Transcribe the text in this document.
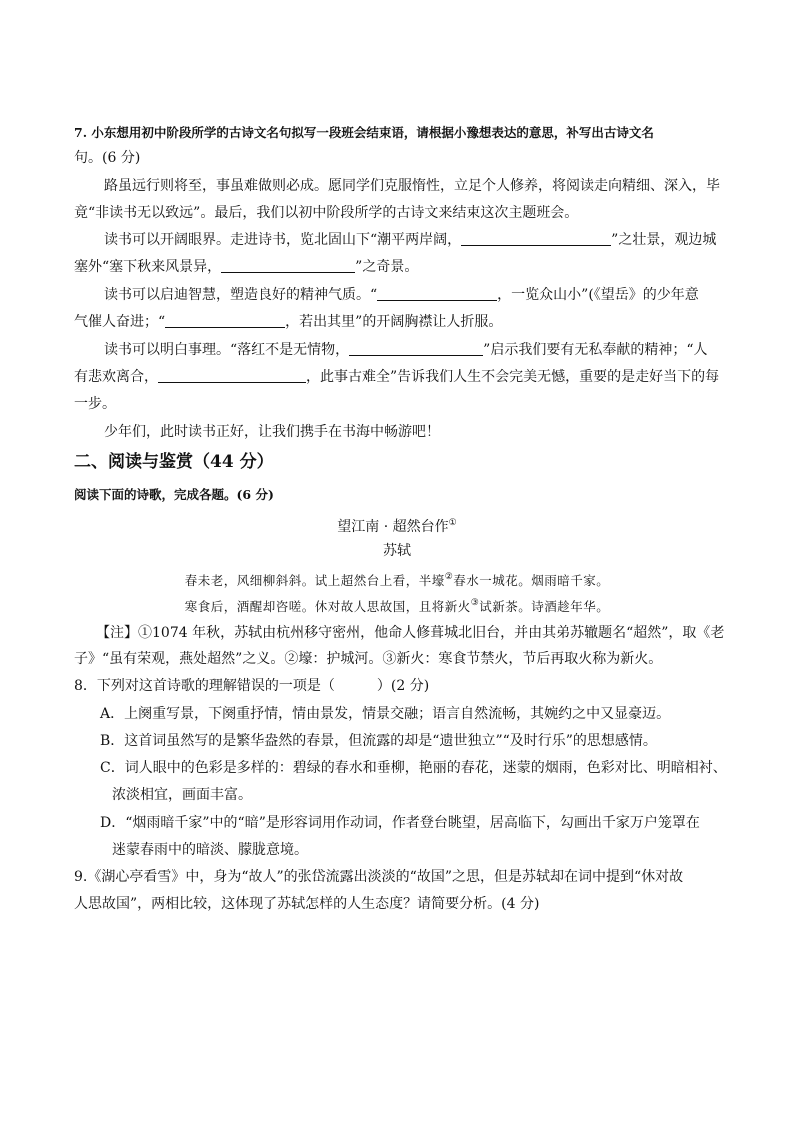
7. 小东想用初中阶段所学的古诗文名句拟写一段班会结束语，请根据小豫想表达的意思，补写出古诗文名
句。(6 分)
路虽远行则将至，事虽难做则必成。愿同学们克服惰性，立足个人修养，将阅读走向精细、深入，毕
竟“非读书无以致远”。最后，我们以初中阶段所学的古诗文来结束这次主题班会。
读书可以开阔眼界。走进诗书，览北固山下“潮平两岸阔，	”之壮景，观边城
塞外“塞下秋来风景异，	”之奇景。
读书可以启迪智慧，塑造良好的精神气质。“	，一览众山小”(《望岳》的少年意
气催人奋进；“	，若出其里”的开阔胸襟让人折服。
读书可以明白事理。“落红不是无情物，	”启示我们要有无私奉献的精神；“人
有悲欢离合，	，此事古难全”告诉我们人生不会完美无憾，重要的是走好当下的每
一步。
少年们，此时读书正好，让我们携手在书海中畅游吧！
二、阅读与鉴赏（44 分）
阅读下面的诗歌，完成各题。(6 分)
望江南 · 超然台作①
苏轼
春未老，风细柳斜斜。试上超然台上看，半壕②春水一城花。烟雨暗千家。
寒食后，酒醒却咨嗟。休对故人思故国，且将新火③试新茶。诗酒趁年华。
【注】①1074 年秋，苏轼由杭州移守密州，他命人修葺城北旧台，并由其弟苏辙题名“超然”，取《老
子》“虽有荣观，燕处超然”之义。②壕：护城河。③新火：寒食节禁火，节后再取火称为新火。
8．下列对这首诗歌的理解错误的一项是（　　　）(2 分)
A．上阕重写景，下阕重抒情，情由景发，情景交融；语言自然流畅，其婉约之中又显豪迈。
B．这首词虽然写的是繁华盎然的春景，但流露的却是“遗世独立”“及时行乐”的思想感情。
C．词人眼中的色彩是多样的：碧绿的春水和垂柳，艳丽的春花，迷蒙的烟雨，色彩对比、明暗相衬、
浓淡相宜，画面丰富。
D．“烟雨暗千家”中的“暗”是形容词用作动词，作者登台眺望，居高临下，勾画出千家万户笼罩在
迷蒙春雨中的暗淡、朦胧意境。
9.《湖心亭看雪》中，身为“故人”的张岱流露出淡淡的“故国”之思，但是苏轼却在词中提到“休对故
人思故国”，两相比较，这体现了苏轼怎样的人生态度？请简要分析。(4 分)
